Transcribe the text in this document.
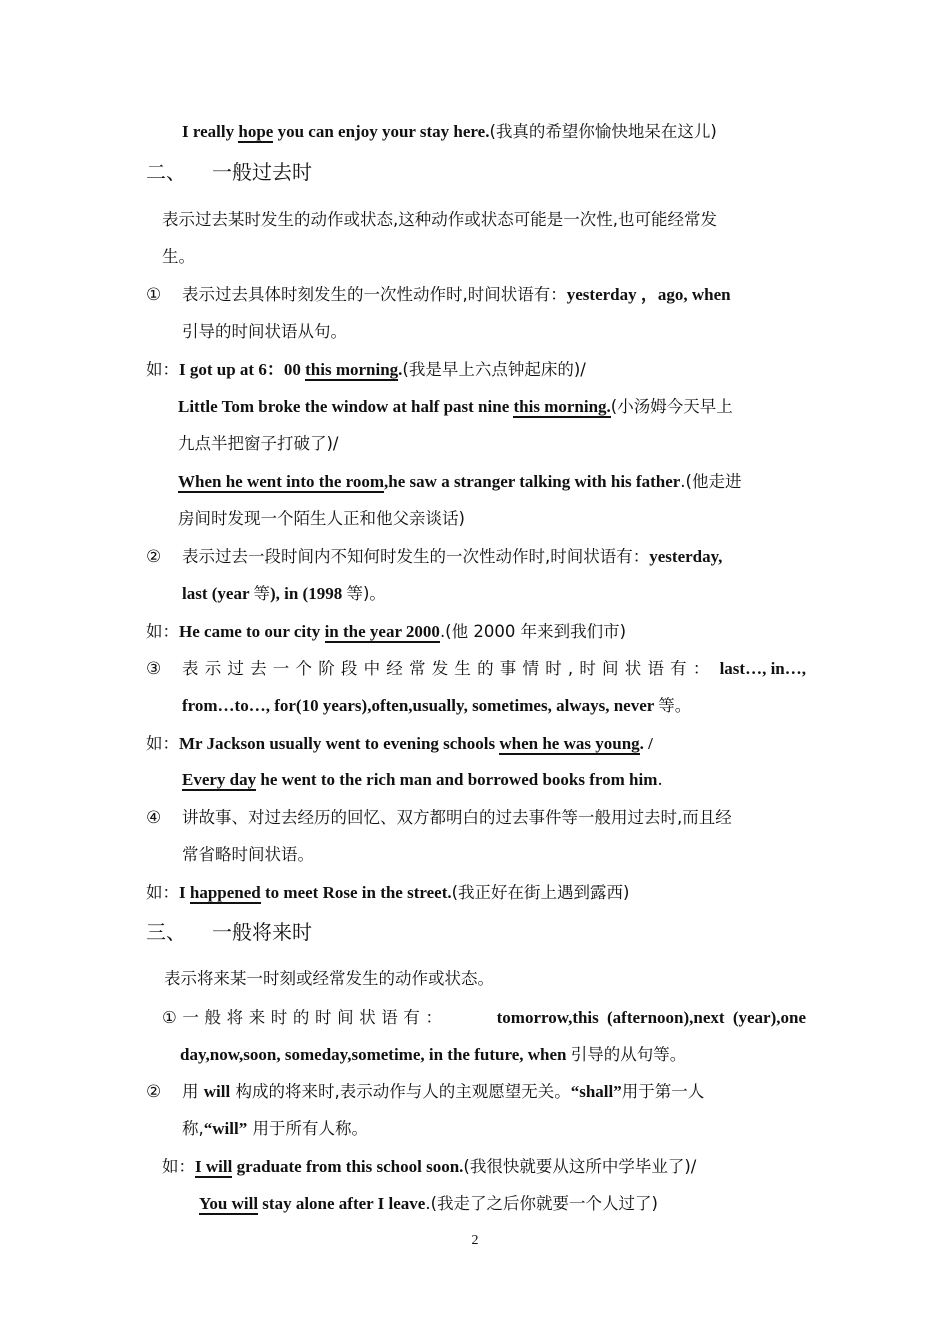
I really hope you can enjoy your stay here.(我真的希望你愉快地呆在这儿)
二、 一般过去时
表示过去某时发生的动作或状态,这种动作或状态可能是一次性,也可能经常发
生。
① 表示过去具体时刻发生的一次性动作时,时间状语有：yesterday ，ago, when
引导的时间状语从句。
如：I got up at 6：00 this morning.(我是早上六点钟起床的)/
Little Tom broke the window at half past nine this morning.(小汤姆今天早上
九点半把窗子打破了)/
When he went into the room,he saw a stranger talking with his father.(他走进
房间时发现一个陌生人正和他父亲谈话)
② 表示过去一段时间内不知何时发生的一次性动作时,时间状语有：yesterday,
last (year 等), in (1998 等)。
如：He came to our city in the year 2000.(他 2000 年来到我们市)
③ 表示过去一个阶段中经常发生的事情时,时间状语有： last…, in…,
from…to…, for(10 years),often,usually, sometimes, always, never 等。
如：Mr Jackson usually went to evening schools when he was young. /
Every day he went to the rich man and borrowed books from him.
④ 讲故事、对过去经历的回忆、双方都明白的过去事件等一般用过去时,而且经
常省略时间状语。
如：I happened to meet Rose in the street.(我正好在街上遇到露西)
三、 一般将来时
表示将来某一时刻或经常发生的动作或状态。
①一般将来时的时间状语有：	tomorrow,this (afternoon),next (year),one
day,now,soon, someday,sometime, in the future, when 引导的从句等。
② 用 will 构成的将来时,表示动作与人的主观愿望无关。“shall”用于第一人
称,“will” 用于所有人称。
如：I will graduate from this school soon.(我很快就要从这所中学毕业了)/
You will stay alone after I leave.(我走了之后你就要一个人过了)
2
